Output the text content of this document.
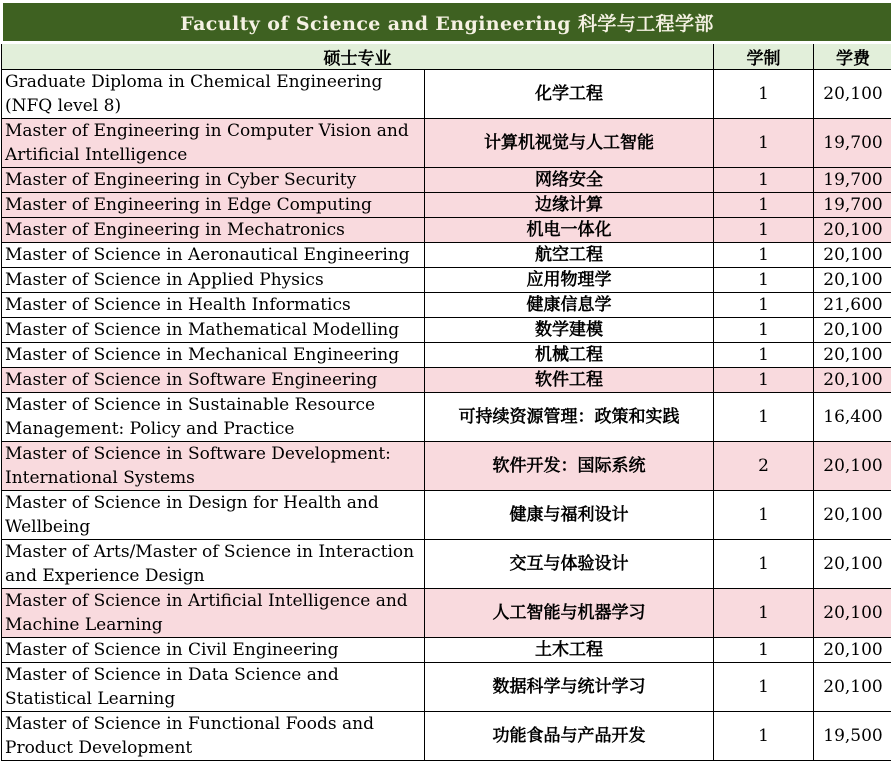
Faculty of Science and Engineering 科学与工程学部			
硕士专业		学制	学费
Graduate Diploma in Chemical Engineering (NFQ level 8)	化学工程	1	20,100
Master of Engineering in Computer Vision and Artificial Intelligence	计算机视觉与人工智能	1	19,700
Master of Engineering in Cyber Security	网络安全	1	19,700
Master of Engineering in Edge Computing	边缘计算	1	19,700
Master of Engineering in Mechatronics	机电一体化	1	20,100
Master of Science in Aeronautical Engineering	航空工程	1	20,100
Master of Science in Applied Physics	应用物理学	1	20,100
Master of Science in Health Informatics	健康信息学	1	21,600
Master of Science in Mathematical Modelling	数学建模	1	20,100
Master of Science in Mechanical Engineering	机械工程	1	20,100
Master of Science in Software Engineering	软件工程	1	20,100
Master of Science in Sustainable Resource Management: Policy and Practice	可持续资源管理：政策和实践	1	16,400
Master of Science in Software Development: International Systems	软件开发：国际系统	2	20,100
Master of Science in Design for Health and Wellbeing	健康与福利设计	1	20,100
Master of Arts/Master of Science in Interaction and Experience Design	交互与体验设计	1	20,100
Master of Science in Artificial Intelligence and Machine Learning	人工智能与机器学习	1	20,100
Master of Science in Civil Engineering	土木工程	1	20,100
Master of Science in Data Science and Statistical Learning	数据科学与统计学习	1	20,100
Master of Science in Functional Foods and Product Development	功能食品与产品开发	1	19,500
